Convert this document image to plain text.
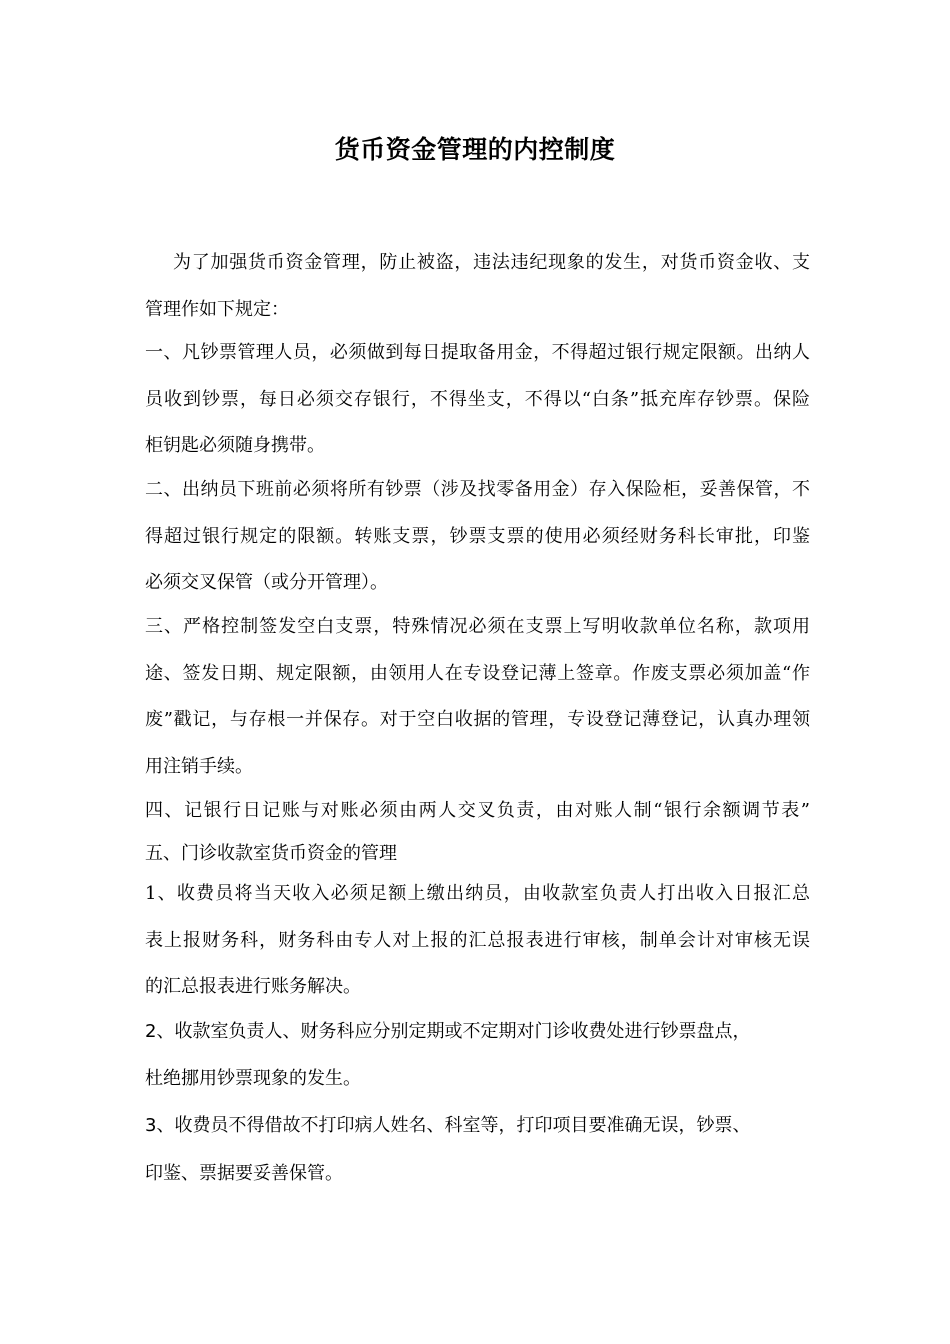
货币资金管理的内控制度
为了加强货币资金管理，防止被盗，违法违纪现象的发生，对货币资金收、支
管理作如下规定：
一、凡钞票管理人员，必须做到每日提取备用金，不得超过银行规定限额。出纳人
员收到钞票，每日必须交存银行，不得坐支，不得以“白条”抵充库存钞票。保险
柜钥匙必须随身携带。
二、出纳员下班前必须将所有钞票（涉及找零备用金）存入保险柜，妥善保管，不
得超过银行规定的限额。转账支票，钞票支票的使用必须经财务科长审批，印鉴
必须交叉保管（或分开管理）。
三、严格控制签发空白支票，特殊情况必须在支票上写明收款单位名称，款项用
途、签发日期、规定限额，由领用人在专设登记薄上签章。作废支票必须加盖“作
废”戳记，与存根一并保存。对于空白收据的管理，专设登记薄登记，认真办理领
用注销手续。
四、记银行日记账与对账必须由两人交叉负责，由对账人制“银行余额调节表”
五、门诊收款室货币资金的管理
1、收费员将当天收入必须足额上缴出纳员，由收款室负责人打出收入日报汇总
表上报财务科，财务科由专人对上报的汇总报表进行审核，制单会计对审核无误
的汇总报表进行账务解决。
2、收款室负责人、财务科应分别定期或不定期对门诊收费处进行钞票盘点，
杜绝挪用钞票现象的发生。
3、收费员不得借故不打印病人姓名、科室等，打印项目要准确无误，钞票、
印鉴、票据要妥善保管。
